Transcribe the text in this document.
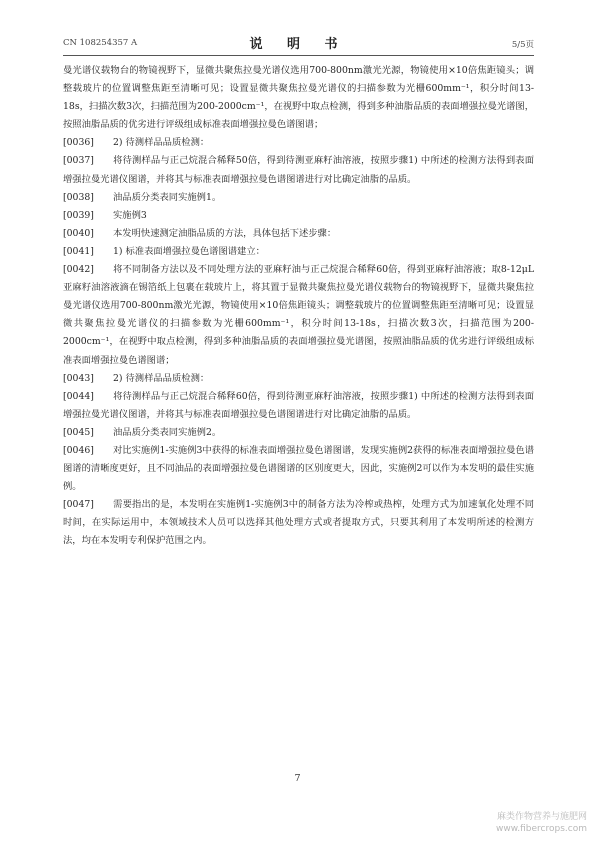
CN 108254357 A	说 明 书	5/5页

曼光谱仪载物台的物镜视野下，显微共聚焦拉曼光谱仪选用700-800nm激光光源，物镜使用×10倍焦距镜头；调整载玻片的位置调整焦距至清晰可见；设置显微共聚焦拉曼光谱仪的扫描参数为光栅600mm⁻¹，积分时间13-18s，扫描次数3次，扫描范围为200-2000cm⁻¹，在视野中取点检测，得到多种油脂品质的表面增强拉曼光谱图，按照油脂品质的优劣进行评级组成标准表面增强拉曼色谱图谱；

[0036] 2) 待测样品品质检测：

[0037] 将待测样品与正己烷混合稀释50倍，得到待测亚麻籽油溶液，按照步骤1) 中所述的检测方法得到表面增强拉曼光谱仪图谱，并将其与标准表面增强拉曼色谱图谱进行对比确定油脂的品质。

[0038] 油品质分类表同实施例1。

[0039] 实施例3

[0040] 本发明快速测定油脂品质的方法，具体包括下述步骤：

[0041] 1) 标准表面增强拉曼色谱图谱建立：

[0042] 将不同制备方法以及不同处理方法的亚麻籽油与正己烷混合稀释60倍，得到亚麻籽油溶液；取8-12μL亚麻籽油溶液滴在锡箔纸上包裹在载玻片上，将其置于显微共聚焦拉曼光谱仪载物台的物镜视野下，显微共聚焦拉曼光谱仪选用700-800nm激光光源，物镜使用×10倍焦距镜头；调整载玻片的位置调整焦距至清晰可见；设置显微共聚焦拉曼光谱仪的扫描参数为光栅600mm⁻¹，积分时间13-18s，扫描次数3次，扫描范围为200-2000cm⁻¹，在视野中取点检测，得到多种油脂品质的表面增强拉曼光谱图，按照油脂品质的优劣进行评级组成标准表面增强拉曼色谱图谱；

[0043] 2) 待测样品品质检测：

[0044] 将待测样品与正己烷混合稀释60倍，得到待测亚麻籽油溶液，按照步骤1) 中所述的检测方法得到表面增强拉曼光谱仪图谱，并将其与标准表面增强拉曼色谱图谱进行对比确定油脂的品质。

[0045] 油品质分类表同实施例2。

[0046] 对比实施例1-实施例3中获得的标准表面增强拉曼色谱图谱，发现实施例2获得的标准表面增强拉曼色谱图谱的清晰度更好，且不同油品的表面增强拉曼色谱图谱的区别度更大，因此，实施例2可以作为本发明的最佳实施例。

[0047] 需要指出的是，本发明在实施例1-实施例3中的制备方法为冷榨或热榨，处理方式为加速氧化处理不同时间，在实际运用中，本领域技术人员可以选择其他处理方式或者提取方式，只要其利用了本发明所述的检测方法，均在本发明专利保护范围之内。

7
麻类作物营养与施肥网
www.fibercrops.com
